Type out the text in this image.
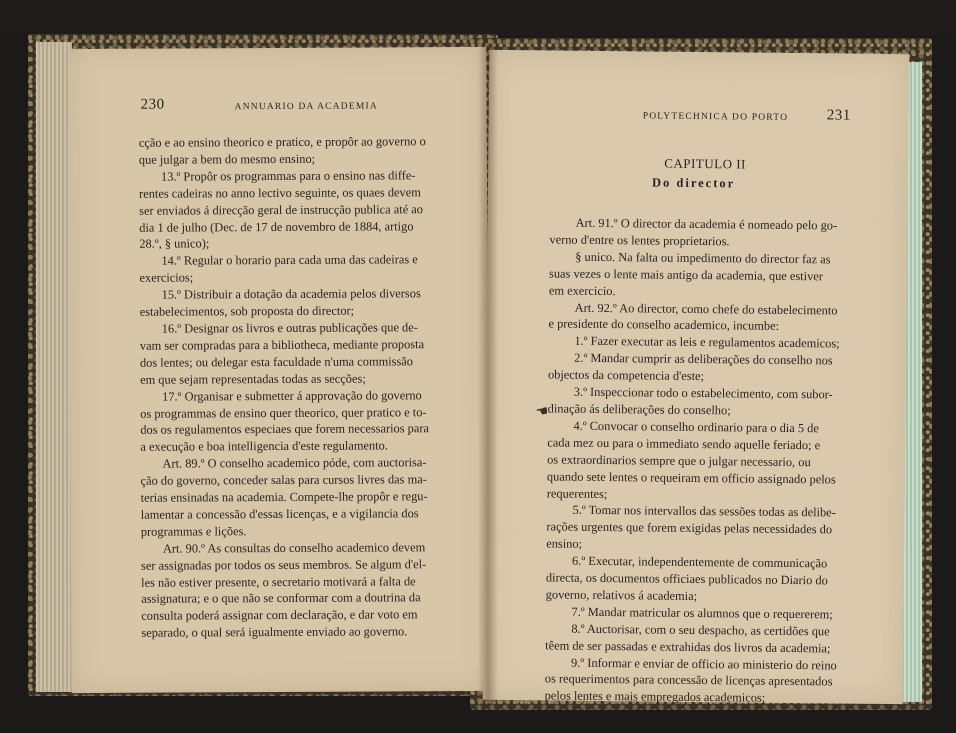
230	ANNUARIO DA ACADEMIA

cção e ao ensino theorico e pratico, e propôr ao governo o

que julgar a bem do mesmo ensino;

13.º Propôr os programmas para o ensino nas diffe-

rentes cadeiras no anno lectivo seguinte, os quaes devem

ser enviados á direcção geral de instrucção publica até ao

dia 1 de julho (Dec. de 17 de novembro de 1884, artigo

28.º, § unico);

14.º Regular o horario para cada uma das cadeiras e

exercicios;

15.º Distribuir a dotação da academia pelos diversos

estabelecimentos, sob proposta do director;

16.º Designar os livros e outras publicações que de-

vam ser compradas para a bibliotheca, mediante proposta

dos lentes; ou delegar esta faculdade n'uma commissão

em que sejam representadas todas as secções;

17.º Organisar e submetter á approvação do governo

os programmas de ensino quer theorico, quer pratico e to-

dos os regulamentos especiaes que forem necessarios para

a execução e boa intelligencia d'este regulamento.

Art. 89.º O conselho academico póde, com auctorisa-

ção do governo, conceder salas para cursos livres das ma-

terias ensinadas na academia. Compete-lhe propôr e regu-

lamentar a concessão d'essas licenças, e a vigilancia dos

programmas e lições.

Art. 90.º As consultas do conselho academico devem

ser assignadas por todos os seus membros. Se algum d'el-

les não estiver presente, o secretario motivará a falta de

assignatura; e o que não se conformar com a doutrina da

consulta poderá assignar com declaração, e dar voto em

separado, o qual será igualmente enviado ao governo.

POLYTECHNICA DO PORTO	231
CAPITULO II
Do director

Art. 91.º O director da academia é nomeado pelo go-

verno d'entre os lentes proprietarios.

§ unico. Na falta ou impedimento do director faz as

suas vezes o lente mais antigo da academia, que estiver

em exercicio.

Art. 92.º Ao director, como chefe do estabelecimento

e presidente do conselho academico, incumbe:

1.º Fazer executar as leis e regulamentos academicos;

2.º Mandar cumprir as deliberações do conselho nos

objectos da competencia d'este;

3.º Inspeccionar todo o estabelecimento, com subor-

dinação ás deliberações do conselho;

4.º Convocar o conselho ordinario para o dia 5 de

cada mez ou para o immediato sendo aquelle feriado; e

os extraordinarios sempre que o julgar necessario, ou

quando sete lentes o requeiram em officio assignado pelos

requerentes;

5.º Tomar nos intervallos das sessões todas as delibe-

rações urgentes que forem exigidas pelas necessidades do

ensino;

6.º Executar, independentemente de communicação

directa, os documentos officiaes publicados no Diario do

governo, relativos á academia;

7.º Mandar matricular os alumnos que o requererem;

8.º Auctorisar, com o seu despacho, as certidões que

têem de ser passadas e extrahidas dos livros da academia;

9.º Informar e enviar de officio ao ministerio do reino

os requerimentos para concessão de licenças apresentados

pelos lentes e mais empregados academicos;

☚
